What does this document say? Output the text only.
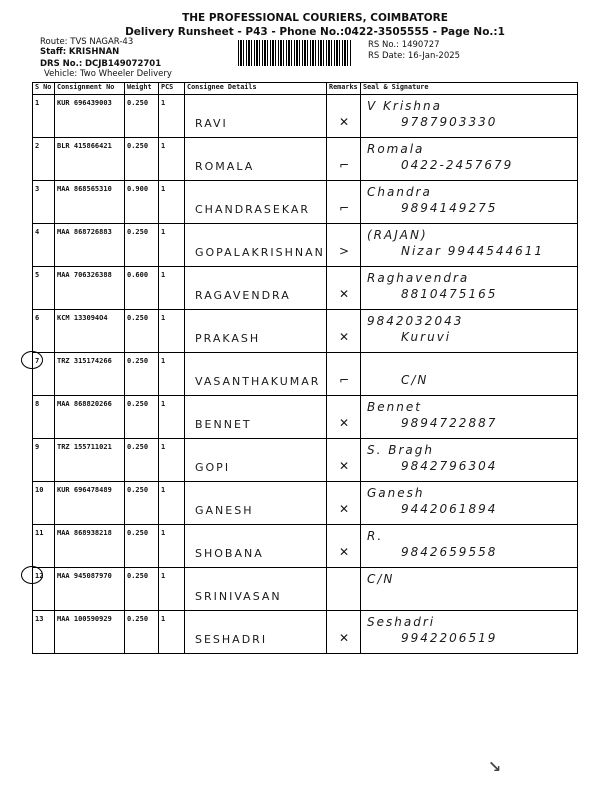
THE PROFESSIONAL COURIERS, COIMBATORE
Delivery Runsheet - P43 - Phone No.:0422-3505555 - Page No.:1
Route: TVS NAGAR-43
Staff: KRISHNAN
DRS No.: DCJB149072701
Vehicle: Two Wheeler Delivery
RS No.: 1490727
RS Date: 16-Jan-2025
S No	Consignment No	Weight	PCS	Consignee Details	Remarks	Seal & Signature
1	KUR 696439003	0.250	1	RAVI	✕	V Krishna
9787903330

2	BLR 415866421	0.250	1	ROMALA	⌐	Romala
0422-2457679

3	MAA 868565310	0.900	1	CHANDRASEKAR	⌐	Chandra
9894149275

4	MAA 868726883	0.250	1	GOPALAKRISHNAN	>	(RAJAN)
Nizar 9944544611

5	MAA 706326388	0.600	1	RAGAVENDRA	✕	Raghavendra
8810475165

6	KCM 133094O4	0.250	1	PRAKASH	✕	9842032043
Kuruvi

7	TRZ 315174266	0.250	1	VASANTHAKUMAR	⌐	C/N

8	MAA 868820266	0.250	1	BENNET	✕	Bennet
9894722887

9	TRZ 155711021	0.250	1	GOPI	✕	S. Bragh
9842796304

10	KUR 696478489	0.250	1	GANESH	✕	Ganesh
9442061894

11	MAA 868938218	0.250	1	SHOBANA	✕	R.
9842659558

12	MAA 945087970	0.250	1	SRINIVASAN		C/N

13	MAA 100590929	0.250	1	SESHADRI	✕	Seshadri
9942206519
↘
